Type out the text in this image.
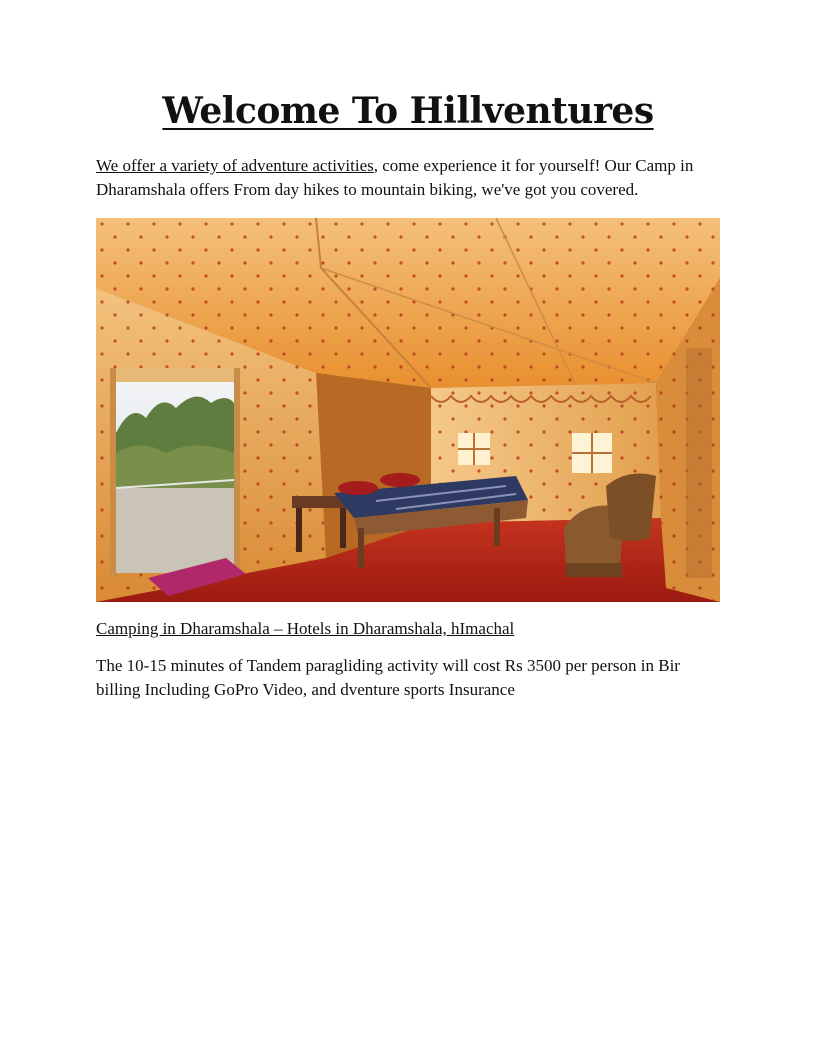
Welcome To Hillventures

We offer a variety of adventure activities, come experience it for yourself! Our Camp in Dharamshala offers From day hikes to mountain biking, we've got you covered.

Camping in Dharamshala – Hotels in Dharamshala, hImachal

The 10-15 minutes of Tandem paragliding activity will cost Rs 3500 per person in Bir billing Including GoPro Video, and dventure sports Insurance
